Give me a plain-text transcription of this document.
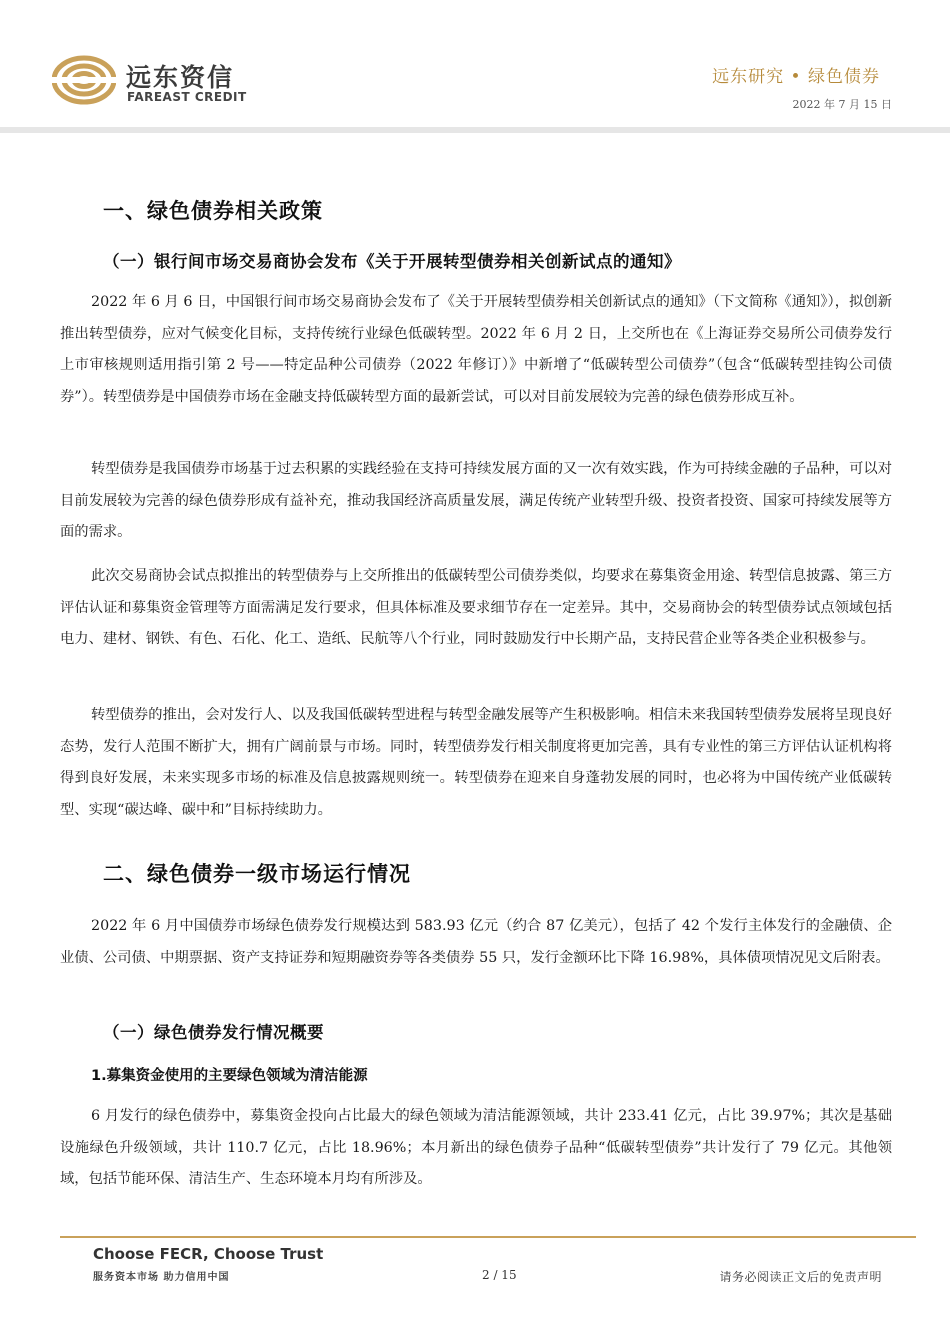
远东资信
FAREAST CREDIT
远东研究 • 绿色债券
2022 年 7 月 15 日
一、绿色债券相关政策
（一）银行间市场交易商协会发布《关于开展转型债券相关创新试点的通知》

2022 年 6 月 6 日，中国银行间市场交易商协会发布了《关于开展转型债券相关创新试点的通知》（下文简称《通知》），拟创新推出转型债券，应对气候变化目标，支持传统行业绿色低碳转型。2022 年 6 月 2 日，上交所也在《上海证券交易所公司债券发行上市审核规则适用指引第 2 号——特定品种公司债券（2022 年修订）》中新增了“低碳转型公司债券”（包含“低碳转型挂钩公司债券”）。转型债券是中国债券市场在金融支持低碳转型方面的最新尝试，可以对目前发展较为完善的绿色债券形成互补。

转型债券是我国债券市场基于过去积累的实践经验在支持可持续发展方面的又一次有效实践，作为可持续金融的子品种，可以对目前发展较为完善的绿色债券形成有益补充，推动我国经济高质量发展，满足传统产业转型升级、投资者投资、国家可持续发展等方面的需求。

此次交易商协会试点拟推出的转型债券与上交所推出的低碳转型公司债券类似，均要求在募集资金用途、转型信息披露、第三方评估认证和募集资金管理等方面需满足发行要求，但具体标准及要求细节存在一定差异。其中，交易商协会的转型债券试点领域包括电力、建材、钢铁、有色、石化、化工、造纸、民航等八个行业，同时鼓励发行中长期产品，支持民营企业等各类企业积极参与。

转型债券的推出，会对发行人、以及我国低碳转型进程与转型金融发展等产生积极影响。相信未来我国转型债券发展将呈现良好态势，发行人范围不断扩大，拥有广阔前景与市场。同时，转型债券发行相关制度将更加完善，具有专业性的第三方评估认证机构将得到良好发展，未来实现多市场的标准及信息披露规则统一。转型债券在迎来自身蓬勃发展的同时，也必将为中国传统产业低碳转型、实现“碳达峰、碳中和”目标持续助力。

二、绿色债券一级市场运行情况

2022 年 6 月中国债券市场绿色债券发行规模达到 583.93 亿元（约合 87 亿美元），包括了 42 个发行主体发行的金融债、企业债、公司债、中期票据、资产支持证券和短期融资券等各类债券 55 只，发行金额环比下降 16.98%，具体债项情况见文后附表。

（一）绿色债券发行情况概要
1.募集资金使用的主要绿色领域为清洁能源

6 月发行的绿色债券中，募集资金投向占比最大的绿色领域为清洁能源领域，共计 233.41 亿元，占比 39.97%；其次是基础设施绿色升级领域，共计 110.7 亿元，占比 18.96%；本月新出的绿色债券子品种“低碳转型债券”共计发行了 79 亿元。其他领域，包括节能环保、清洁生产、生态环境本月均有所涉及。

Choose FECR, Choose Trust
服务资本市场 助力信用中国	2 / 15	请务必阅读正文后的免责声明
